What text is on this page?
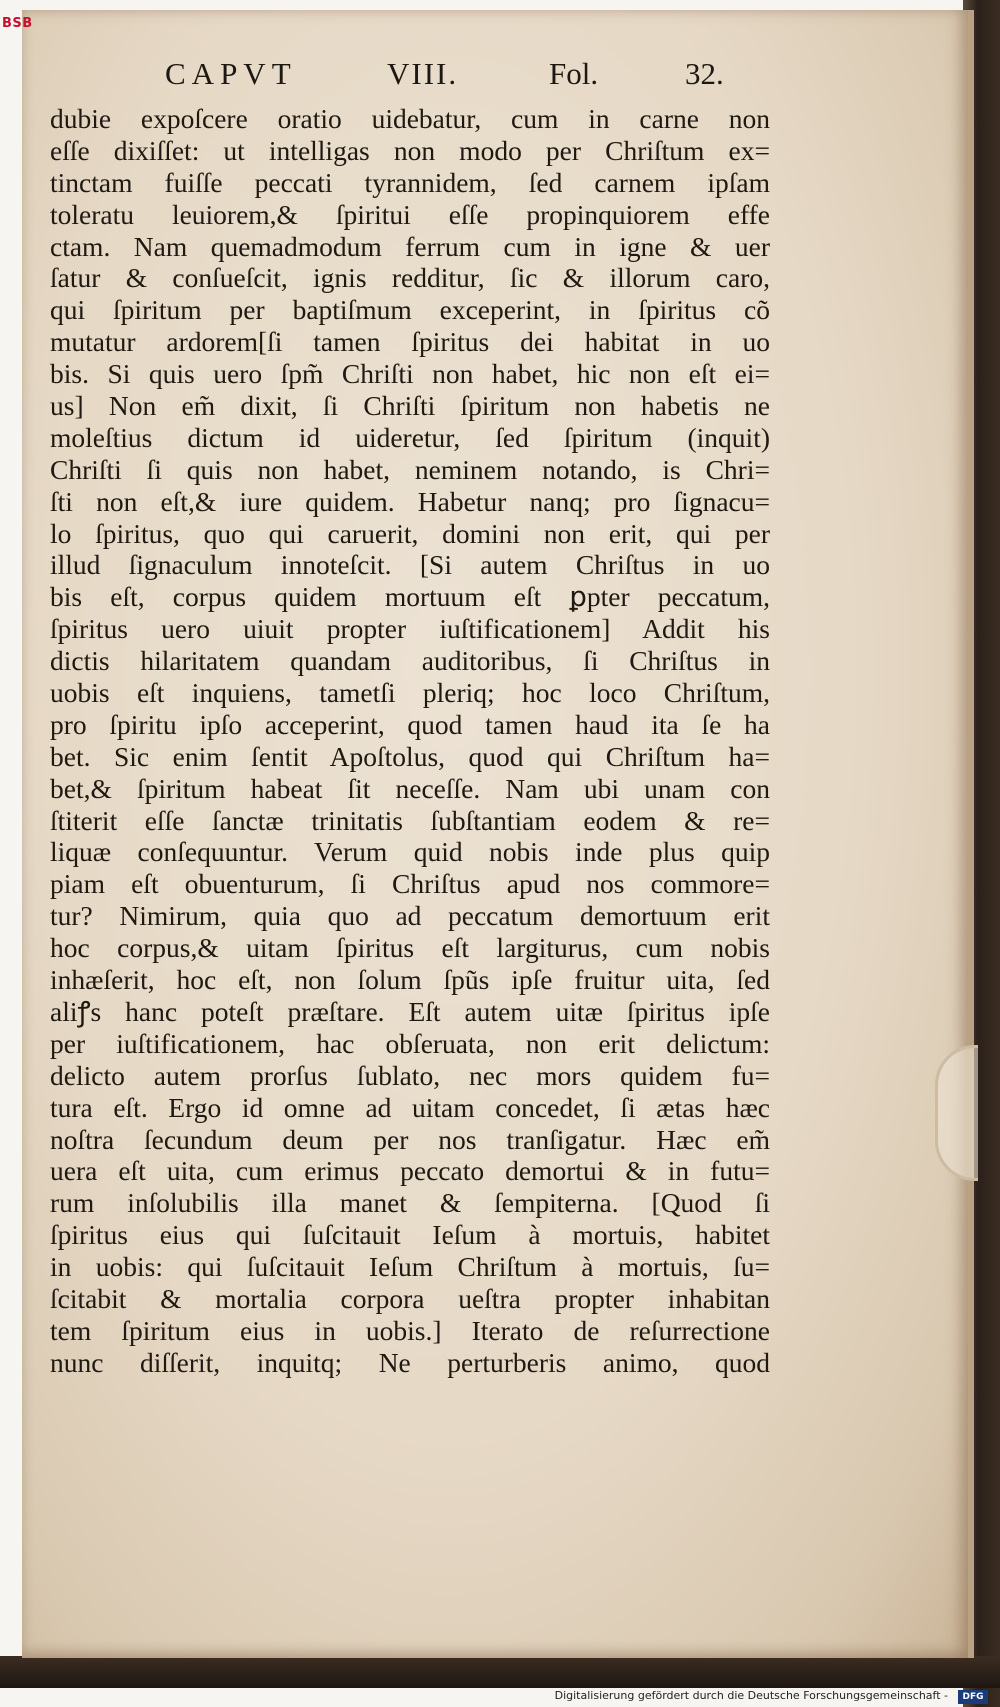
BSB
CAPVT	VIII.	Fol.	32.
dubie expoſcere oratio uidebatur, cum in carne non
eſſe dixiſſet: ut intelligas non modo per Chriſtum ex=
tinctam fuiſſe peccati tyrannidem, ſed carnem ipſam
toleratu leuiorem,& ſpiritui eſſe propinquiorem effe
ctam. Nam quemadmodum ferrum cum in igne & uer
ſatur & conſueſcit, ignis redditur, ſic & illorum caro,
qui ſpiritum per baptiſmum exceperint, in ſpiritus cõ
mutatur ardorem[ſi tamen ſpiritus dei habitat in uo
bis. Si quis uero ſpm̃ Chriſti non habet, hic non eſt ei=
us] Non em̃ dixit, ſi Chriſti ſpiritum non habetis ne
moleſtius dictum id uideretur, ſed ſpiritum (inquit)
Chriſti ſi quis non habet, neminem notando, is Chri=
ſti non eſt,& iure quidem. Habetur nanq; pro ſignacu=
lo ſpiritus, quo qui caruerit, domini non erit, qui per
illud ſignaculum innoteſcit. [Si autem Chriſtus in uo
bis eſt, corpus quidem mortuum eſt ꝑpter peccatum,
ſpiritus uero uiuit propter iuſtificationem] Addit his
dictis hilaritatem quandam auditoribus, ſi Chriſtus in
uobis eſt inquiens, tametſi pleriq; hoc loco Chriſtum,
pro ſpiritu ipſo acceperint, quod tamen haud ita ſe ha
bet. Sic enim ſentit Apoſtolus, quod qui Chriſtum ha=
bet,& ſpiritum habeat ſit neceſſe. Nam ubi unam con
ſtiterit eſſe ſanctæ trinitatis ſubſtantiam eodem & re=
liquæ conſequuntur. Verum quid nobis inde plus quip
piam eſt obuenturum, ſi Chriſtus apud nos commore=
tur? Nimirum, quia quo ad peccatum demortuum erit
hoc corpus,& uitam ſpiritus eſt largiturus, cum nobis
inhæſerit, hoc eſt, non ſolum ſpũs ipſe fruitur uita, ſed
aliꝭs hanc poteſt præſtare. Eſt autem uitæ ſpiritus ipſe
per iuſtificationem, hac obſeruata, non erit delictum:
delicto autem prorſus ſublato, nec mors quidem fu=
tura eſt. Ergo id omne ad uitam concedet, ſi ætas hæc
noſtra ſecundum deum per nos tranſigatur. Hæc em̃
uera eſt uita, cum erimus peccato demortui & in futu=
rum inſolubilis illa manet & ſempiterna. [Quod ſi
ſpiritus eius qui ſuſcitauit Ieſum à mortuis, habitet
in uobis: qui ſuſcitauit Ieſum Chriſtum à mortuis, ſu=
ſcitabit & mortalia corpora ueſtra propter inhabitan
tem ſpiritum eius in uobis.] Iterato de reſurrectione
nunc diſſerit, inquitq; Ne perturberis animo, quod
Digitalisierung gefördert durch die Deutsche Forschungsgemeinschaft -	DFG
